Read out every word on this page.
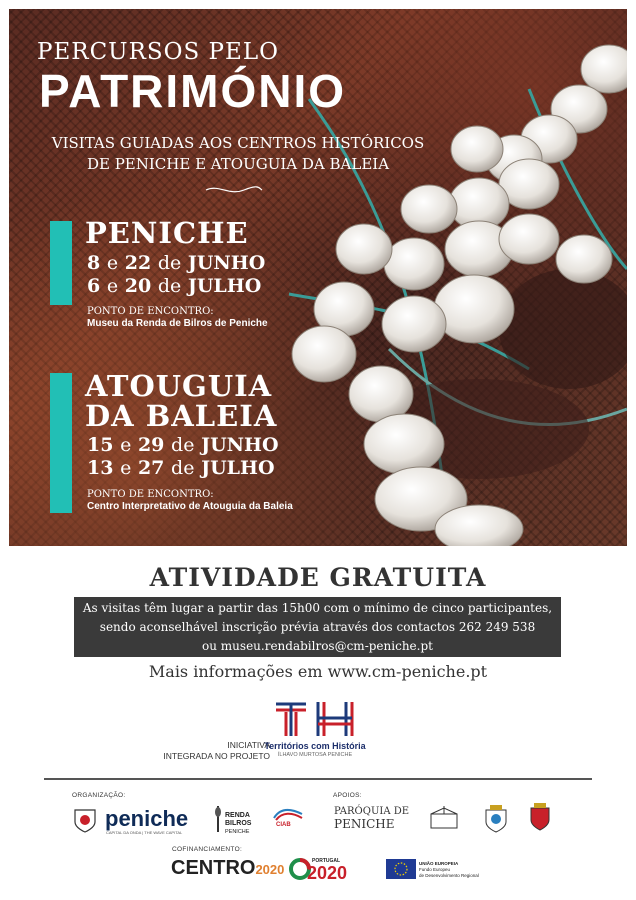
PERCURSOS PELO
PATRIMÓNIO
VISITAS GUIADAS AOS CENTROS HISTÓRICOS
DE PENICHE E ATOUGUIA DA BALEIA
PENICHE
8 e 22 de JUNHO
6 e 20 de JULHO
PONTO DE ENCONTRO:
Museu da Renda de Bilros de Peniche
ATOUGUIA
DA BALEIA
15 e 29 de JUNHO
13 e 27 de JULHO
PONTO DE ENCONTRO:
Centro Interpretativo de Atouguia da Baleia
ATIVIDADE GRATUITA
As visitas têm lugar a partir das 15h00 com o mínimo de cinco participantes,
sendo aconselhável inscrição prévia através dos contactos 262 249 538
ou museu.rendabilros@cm-peniche.pt
Mais informações em www.cm-peniche.pt
INICIATIVA
INTEGRADA NO PROJETO
Territórios com História
ÍLHAVO MURTOSA PENICHE
ORGANIZAÇÃO:	APOIOS:
COFINANCIAMENTO:
peniche
CAPITAL DA ONDA | THE WAVE CAPITAL
RENDA
BILROS
PENICHE
CIAB
PARÓQUIA DE
PENICHE
CENTRO2020
PORTUGAL
2020	UNIÃO EUROPEIA
Fundo Europeu
de Desenvolvimento Regional
